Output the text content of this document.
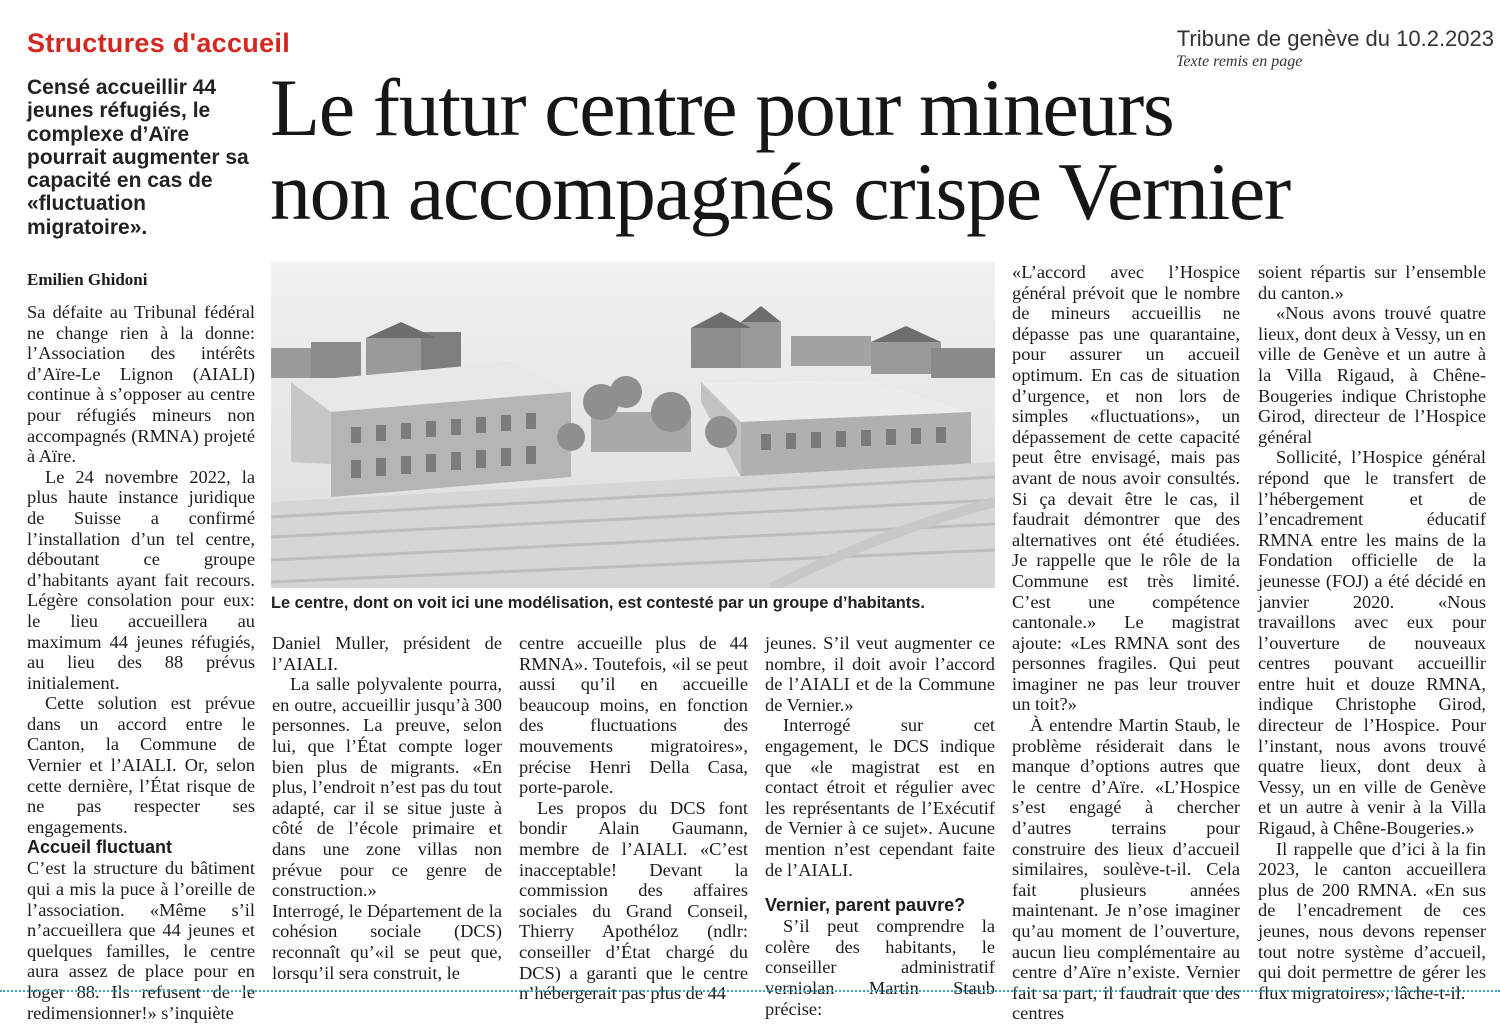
Structures d'accueil	Tribune de genève du 10.2.2023
Texte remis en page
Censé accueillir 44 jeunes réfugiés, le complexe d’Aïre pourrait augmenter sa capacité en cas de «fluctuation migratoire».
Le futur centre pour mineurs
non accompagnés crispe Vernier

Emilien Ghidoni

Sa défaite au Tribunal fédéral ne change rien à la donne: l’Association des intérêts d’Aïre-Le Lignon (AIALI) continue à s’opposer au centre pour réfugiés mineurs non accompagnés (RMNA) projeté à Aïre.

Le 24 novembre 2022, la plus haute instance juridique de Suisse a confirmé l’installation d’un tel centre, déboutant ce groupe d’habitants ayant fait recours. Légère consolation pour eux: le lieu accueillera au maximum 44 jeunes réfugiés, au lieu des 88 prévus initialement.

Cette solution est prévue dans un accord entre le Canton, la Commune de Vernier et l’AIALI. Or, selon cette dernière, l’État risque de ne pas respecter ses engagements.

Accueil fluctuant

C’est la structure du bâtiment qui a mis la puce à l’oreille de l’association. «Même s’il n’accueillera que 44 jeunes et quelques familles, le centre aura assez de place pour en loger 88. Ils refusent de le redimensionner!» s’inquiète

Le centre, dont on voit ici une modélisation, est contesté par un groupe d’habitants.

Daniel Muller, président de l’AIALI.

La salle polyvalente pourra, en outre, accueillir jusqu’à 300 personnes. La preuve, selon lui, que l’État compte loger bien plus de migrants. «En plus, l’endroit n’est pas du tout adapté, car il se situe juste à côté de l’école primaire et dans une zone villas non prévue pour ce genre de construction.»

Interrogé, le Département de la cohésion sociale (DCS) reconnaît qu’«il se peut que, lorsqu’il sera construit, le

centre accueille plus de 44 RMNA». Toutefois, «il se peut aussi qu’il en accueille beaucoup moins, en fonction des fluctuations des mouvements migratoires», précise Henri Della Casa, porte-parole.

Les propos du DCS font bondir Alain Gaumann, membre de l’AIALI. «C’est inacceptable! Devant la commission des affaires sociales du Grand Conseil, Thierry Apothéloz (ndlr: conseiller d’État chargé du DCS) a garanti que le centre n’hébergerait pas plus de 44

jeunes. S’il veut augmenter ce nombre, il doit avoir l’accord de l’AIALI et de la Commune de Vernier.»

Interrogé sur cet engagement, le DCS indique que «le magistrat est en contact étroit et régulier avec les représentants de l’Exécutif de Vernier à ce sujet». Aucune mention n’est cependant faite de l’AIALI.

Vernier, parent pauvre?

S’il peut comprendre la colère des habitants, le conseiller administratif verniolan Martin Staub précise:

«L’accord avec l’Hospice général prévoit que le nombre de mineurs accueillis ne dépasse pas une quarantaine, pour assurer un accueil optimum. En cas de situation d’urgence, et non lors de simples «fluctuations», un dépassement de cette capacité peut être envisagé, mais pas avant de nous avoir consultés. Si ça devait être le cas, il faudrait démontrer que des alternatives ont été étudiées. Je rappelle que le rôle de la Commune est très limité. C’est une compétence cantonale.» Le magistrat ajoute: «Les RMNA sont des personnes fragiles. Qui peut imaginer ne pas leur trouver un toit?»

À entendre Martin Staub, le problème résiderait dans le manque d’options autres que le centre d’Aïre. «L’Hospice s’est engagé à chercher d’autres terrains pour construire des lieux d’accueil similaires, soulève-t-il. Cela fait plusieurs années maintenant. Je n’ose imaginer qu’au moment de l’ouverture, aucun lieu complémentaire au centre d’Aïre n’existe. Vernier fait sa part, il faudrait que des centres

soient répartis sur l’ensemble du canton.»

«Nous avons trouvé quatre lieux, dont deux à Vessy, un en ville de Genève et un autre à la Villa Rigaud, à Chêne-Bougeries indique Christophe Girod, directeur de l’Hospice général

Sollicité, l’Hospice général répond que le transfert de l’hébergement et de l’encadrement éducatif RMNA entre les mains de la Fondation officielle de la jeunesse (FOJ) a été décidé en janvier 2020. «Nous travaillons avec eux pour l’ouverture de nouveaux centres pouvant accueillir entre huit et douze RMNA, indique Christophe Girod, directeur de l’Hospice. Pour l’instant, nous avons trouvé quatre lieux, dont deux à Vessy, un en ville de Genève et un autre à venir à la Villa Rigaud, à Chêne-Bougeries.»

Il rappelle que d’ici à la fin 2023, le canton accueillera plus de 200 RMNA. «En sus de l’encadrement de ces jeunes, nous devons repenser tout notre système d’accueil, qui doit permettre de gérer les flux migratoires», lâche-t-il.
